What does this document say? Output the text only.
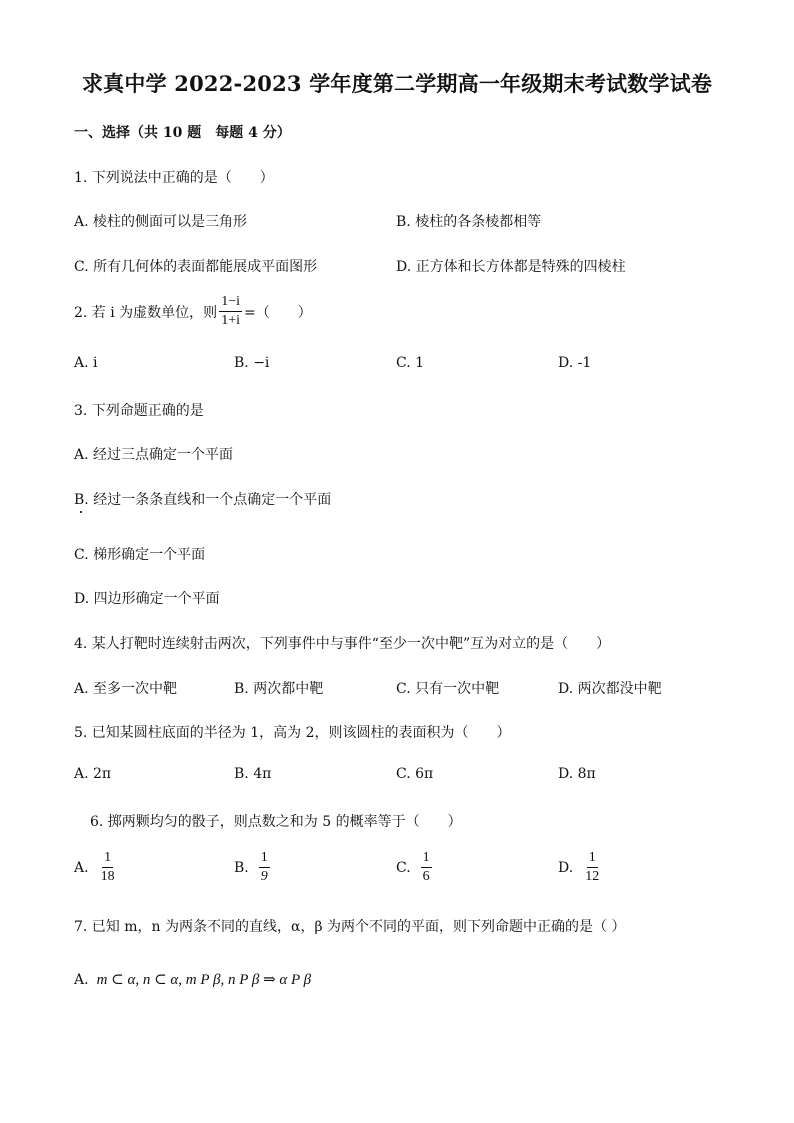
求真中学 2022-2023 学年度第二学期高一年级期末考试数学试卷
一、选择（共 10 题　每题 4 分）
1. 下列说法中正确的是（　　）
A. 棱柱的侧面可以是三角形	B. 棱柱的各条棱都相等
C. 所有几何体的表面都能展成平面图形	D. 正方体和长方体都是特殊的四棱柱
2. 若 i 为虚数单位，则 $\frac{1-i}{1+i}$ =（　　）
A. i	B. −i	C. 1	D. -1
3. 下列命题正确的是
A. 经过三点确定一个平面
B. 经过一条条直线和一个点确定一个平面
C. 梯形确定一个平面
D. 四边形确定一个平面
4. 某人打靶时连续射击两次，下列事件中与事件“至少一次中靶”互为对立的是（　　）
A. 至多一次中靶	B. 两次都中靶	C. 只有一次中靶	D. 两次都没中靶
5. 已知某圆柱底面的半径为 1，高为 2，则该圆柱的表面积为（　　）
A. 2π	B. 4π	C. 6π	D. 8π
6. 掷两颗均匀的骰子，则点数之和为 5 的概率等于（　　）
A. $\frac{1}{18}$	B. $\frac{1}{9}$	C. $\frac{1}{6}$	D. $\frac{1}{12}$
7. 已知 m，n 为两条不同的直线，α，β 为两个不同的平面，则下列命题中正确的是（ ）
A. m ⊂ α, n ⊂ α, m P β, n P β ⇒ α P β
